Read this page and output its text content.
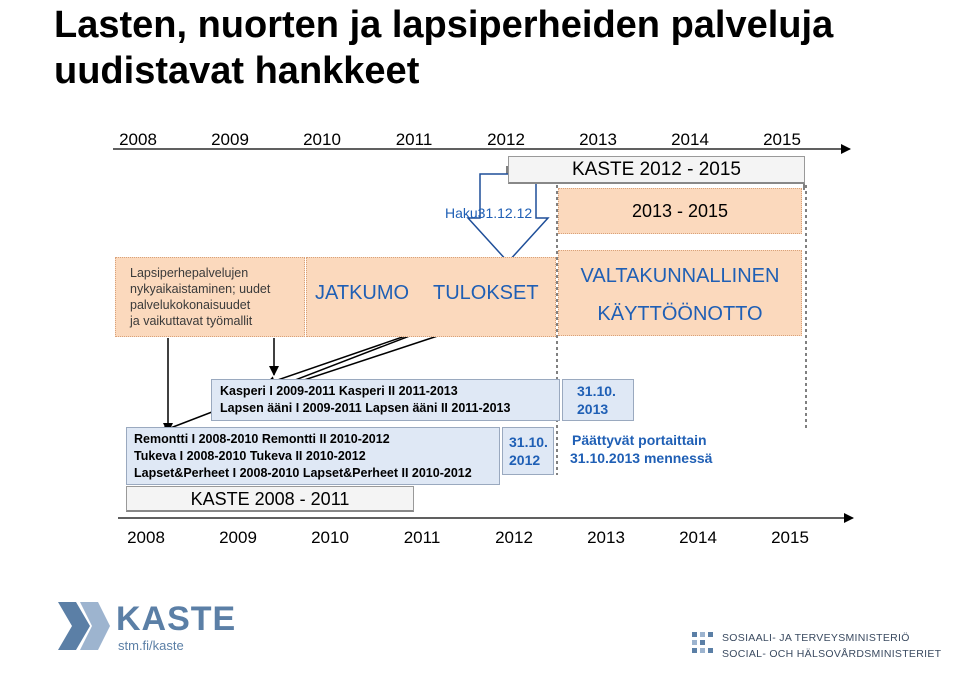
Lasten, nuorten ja lapsiperheiden palveluja uudistavat hankkeet
2008	2009	2010	2011	2012	2013	2014	2015
KASTE 2012 - 2015
2013 - 2015
Haku31.12.12
Lapsiperhepalvelujen
nykyaikaistaminen; uudet
palvelukokonaisuudet
ja vaikuttavat työmallit
JATKUMO TULOKSET
VALTAKUNNALLINEN
KÄYTTÖÖNOTTO
Kasperi I 2009-2011 Kasperi II 2011-2013
Lapsen ääni I 2009-2011 Lapsen ääni II 2011-2013
31.10.
2013
Remontti I 2008-2010 Remontti II 2010-2012
Tukeva I 2008-2010 Tukeva II 2010-2012
Lapset&Perheet I 2008-2010 Lapset&Perheet II 2010-2012
31.10.
2012
Päättyvät portaittain
31.10.2013 mennessä
KASTE 2008 - 2011
2008	2009	2010	2011	2012	2013	2014	2015
KASTE
stm.fi/kaste	SOSIAALI- JA TERVEYSMINISTERIÖ
SOCIAL- OCH HÄLSOVÅRDSMINISTERIET
